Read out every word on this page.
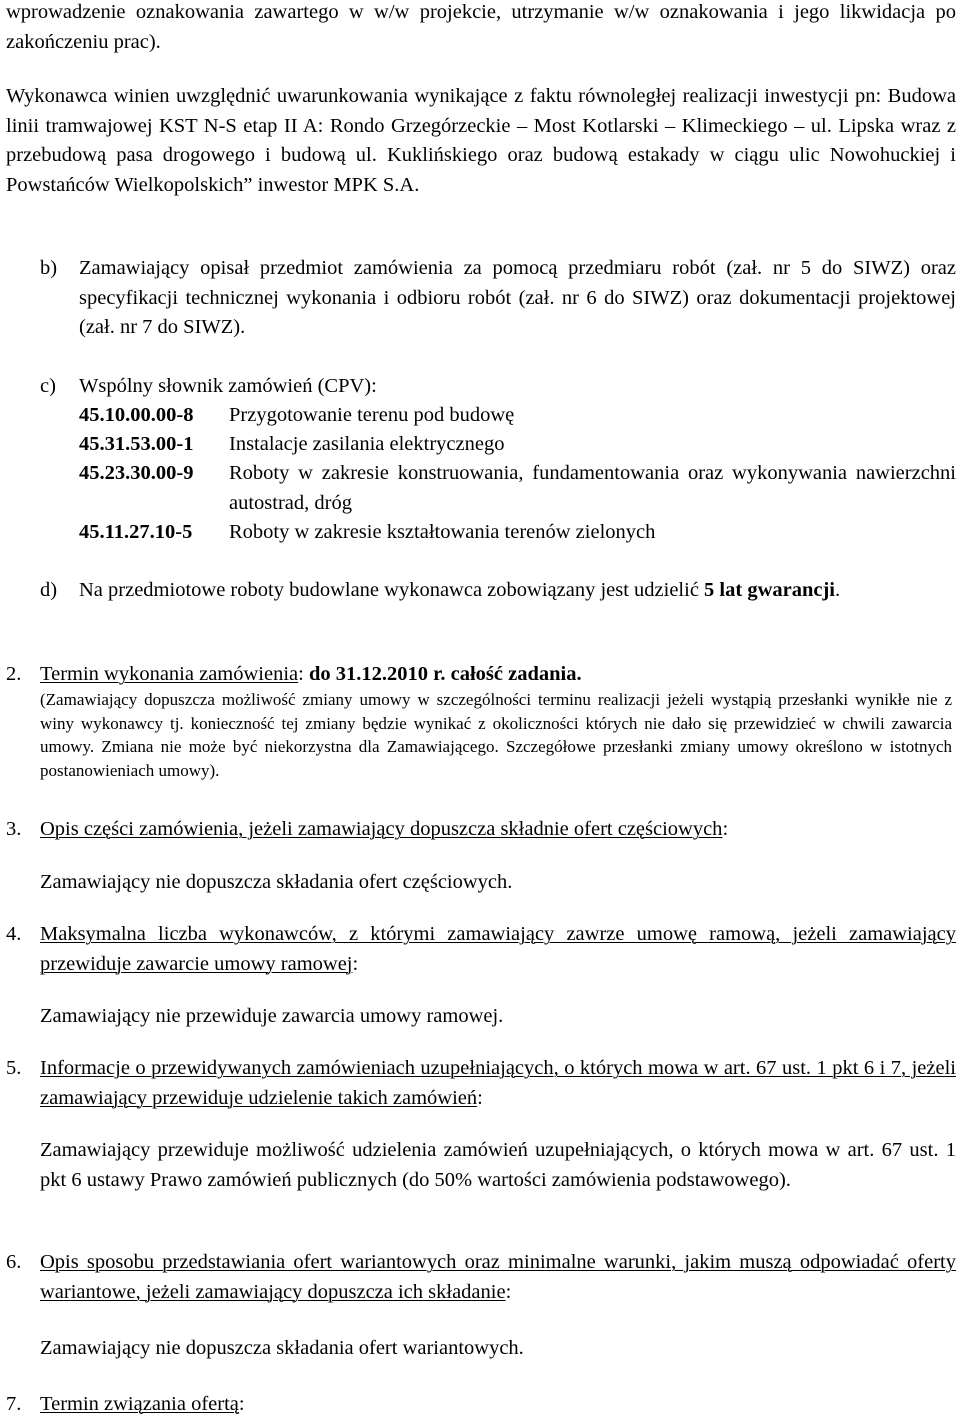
wprowadzenie oznakowania zawartego w w/w projekcie, utrzymanie w/w oznakowania i jego likwidacja po zakończeniu prac).

Wykonawca winien uwzględnić uwarunkowania wynikające z faktu równoległej realizacji inwestycji pn: Budowa linii tramwajowej KST N-S etap II A: Rondo Grzegórzeckie – Most Kotlarski – Klimeckiego – ul. Lipska wraz z przebudową pasa drogowego i budową ul. Kuklińskiego oraz budową estakady w ciągu ulic Nowohuckiej i Powstańców Wielkopolskich” inwestor MPK S.A.

b) Zamawiający opisał przedmiot zamówienia za pomocą przedmiaru robót (zał. nr 5 do SIWZ) oraz specyfikacji technicznej wykonania i odbioru robót (zał. nr 6 do SIWZ) oraz dokumentacji projektowej (zał. nr 7 do SIWZ).

c) Wspólny słownik zamówień (CPV):

45.10.00.00-8 Przygotowanie terenu pod budowę
45.31.53.00-1 Instalacje zasilania elektrycznego
45.23.30.00-9 Roboty w zakresie konstruowania, fundamentowania oraz wykonywania nawierzchni autostrad, dróg
45.11.27.10-5 Roboty w zakresie kształtowania terenów zielonych
d) Na przedmiotowe roboty budowlane wykonawca zobowiązany jest udzielić 5 lat gwarancji.

2. Termin wykonania zamówienia: do 31.12.2010 r. całość zadania.

(Zamawiający dopuszcza możliwość zmiany umowy w szczególności terminu realizacji jeżeli wystąpią przesłanki wynikłe nie z winy wykonawcy tj. konieczność tej zmiany będzie wynikać z okoliczności których nie dało się przewidzieć w chwili zawarcia umowy. Zmiana nie może być niekorzystna dla Zamawiającego. Szczegółowe przesłanki zmiany umowy określono w istotnych postanowieniach umowy).

3. Opis części zamówienia, jeżeli zamawiający dopuszcza składnie ofert częściowych:

Zamawiający nie dopuszcza składania ofert częściowych.

4. Maksymalna liczba wykonawców, z którymi zamawiający zawrze umowę ramową, jeżeli zamawiający przewiduje zawarcie umowy ramowej:

Zamawiający nie przewiduje zawarcia umowy ramowej.

5. Informacje o przewidywanych zamówieniach uzupełniających, o których mowa w art. 67 ust. 1 pkt 6 i 7, jeżeli zamawiający przewiduje udzielenie takich zamówień:

Zamawiający przewiduje możliwość udzielenia zamówień uzupełniających, o których mowa w art. 67 ust. 1 pkt 6 ustawy Prawo zamówień publicznych (do 50% wartości zamówienia podstawowego).

6. Opis sposobu przedstawiania ofert wariantowych oraz minimalne warunki, jakim muszą odpowiadać oferty wariantowe, jeżeli zamawiający dopuszcza ich składanie:

Zamawiający nie dopuszcza składania ofert wariantowych.

7. Termin związania ofertą:
